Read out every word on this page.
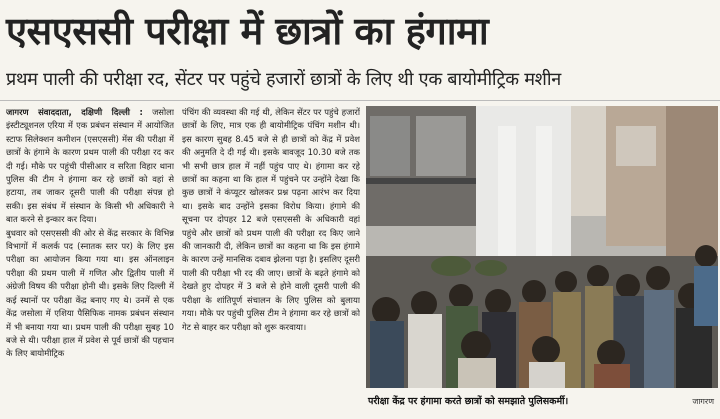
एसएससी परीक्षा में छात्रों का हंगामा
प्रथम पाली की परीक्षा रद, सेंटर पर पहुंचे हजारों छात्रों के लिए थी एक बायोमीट्रिक मशीन

जागरण संवाददाता, दक्षिणी दिल्ली : जसोला इंस्टीट्यूशनल एरिया में एक प्रबंधन संस्थान में आयोजित स्टाफ सिलेक्शन कमीशन (एसएससी) मेंस की परीक्षा में छात्रों के हंगामे के कारण प्रथम पाली की परीक्षा रद कर दी गई। मौके पर पहुंची पीसीआर व सरिता विहार थाना पुलिस की टीम ने हंगामा कर रहे छात्रों को वहां से हटाया, तब जाकर दूसरी पाली की परीक्षा संपन्न हो सकी। इस संबंध में संस्थान के किसी भी अधिकारी ने बात करने से इन्कार कर दिया।

बुधवार को एसएससी की ओर से केंद्र सरकार के विभिन्न विभागों में कलर्क पद (स्नातक स्तर पर) के लिए इस परीक्षा का आयोजन किया गया था। इस ऑनलाइन परीक्षा की प्रथम पाली में गणित और द्वितीय पाली में अंग्रेजी विषय की परीक्षा होनी थी। इसके लिए दिल्ली में कई स्थानों पर परीक्षा केंद्र बनाए गए थे। उनमें से एक केंद्र जसोला में एशिया पैसिफिक नामक प्रबंधन संस्थान में भी बनाया गया था। प्रथम पाली की परीक्षा सुबह 10 बजे से थी। परीक्षा हाल में प्रवेश से पूर्व छात्रों की पहचान के लिए बायोमीट्रिक

पंचिंग की व्यवस्था की गई थी, लेकिन सेंटर पर पहुंचे हजारों छात्रों के लिए, मात्र एक ही बायोमीट्रिक पंचिंग मशीन थी। इस कारण सुबह 8.45 बजे से ही छात्रों को केंद्र में प्रवेश की अनुमति दे दी गई थी। इसके बावजूद 10.30 बजे तक भी सभी छात्र हाल में नहीं पहुंच पाए थे। हंगामा कर रहे छात्रों का कहना था कि हाल में पहुंचने पर उन्होंने देखा कि कुछ छात्रों ने कंप्यूटर खोलकर प्रश्न पढ़ना आरंभ कर दिया था। इसके बाद उन्होंने इसका विरोध किया। हंगामे की सूचना पर दोपहर 12 बजे एसएससी के अधिकारी वहां पहुंचे और छात्रों को प्रथम पाली की परीक्षा रद किए जाने की जानकारी दी, लेकिन छात्रों का कहना था कि इस हंगामे के कारण उन्हें मानसिक दबाव झेलना पड़ा है। इसलिए दूसरी पाली की परीक्षा भी रद की जाए। छात्रों के बढ़ते हंगामे को देखते हुए दोपहर में 3 बजे से होने वाली दूसरी पाली की परीक्षा के शांतिपूर्ण संचालन के लिए पुलिस को बुलाया गया। मौके पर पहुंची पुलिस टीम ने हंगामा कर रहे छात्रों को गेट से बाहर कर परीक्षा को शुरू करवाया।

परीक्षा केंद्र पर हंगामा करते छात्रों को समझाते पुलिसकर्मी।	जागरण
